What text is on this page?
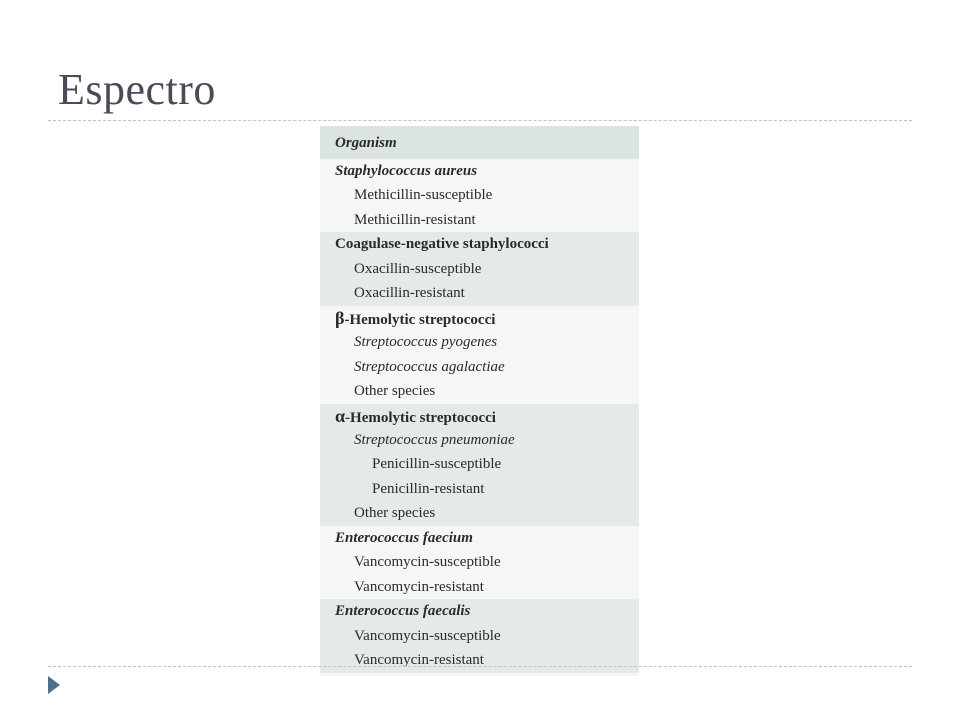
Espectro
Organism
Staphylococcus aureus
Methicillin-susceptible
Methicillin-resistant
Coagulase-negative staphylococci
Oxacillin-susceptible
Oxacillin-resistant
β-Hemolytic streptococci
Streptococcus pyogenes
Streptococcus agalactiae
Other species
α-Hemolytic streptococci
Streptococcus pneumoniae
Penicillin-susceptible
Penicillin-resistant
Other species
Enterococcus faecium
Vancomycin-susceptible
Vancomycin-resistant
Enterococcus faecalis
Vancomycin-susceptible
Vancomycin-resistant
